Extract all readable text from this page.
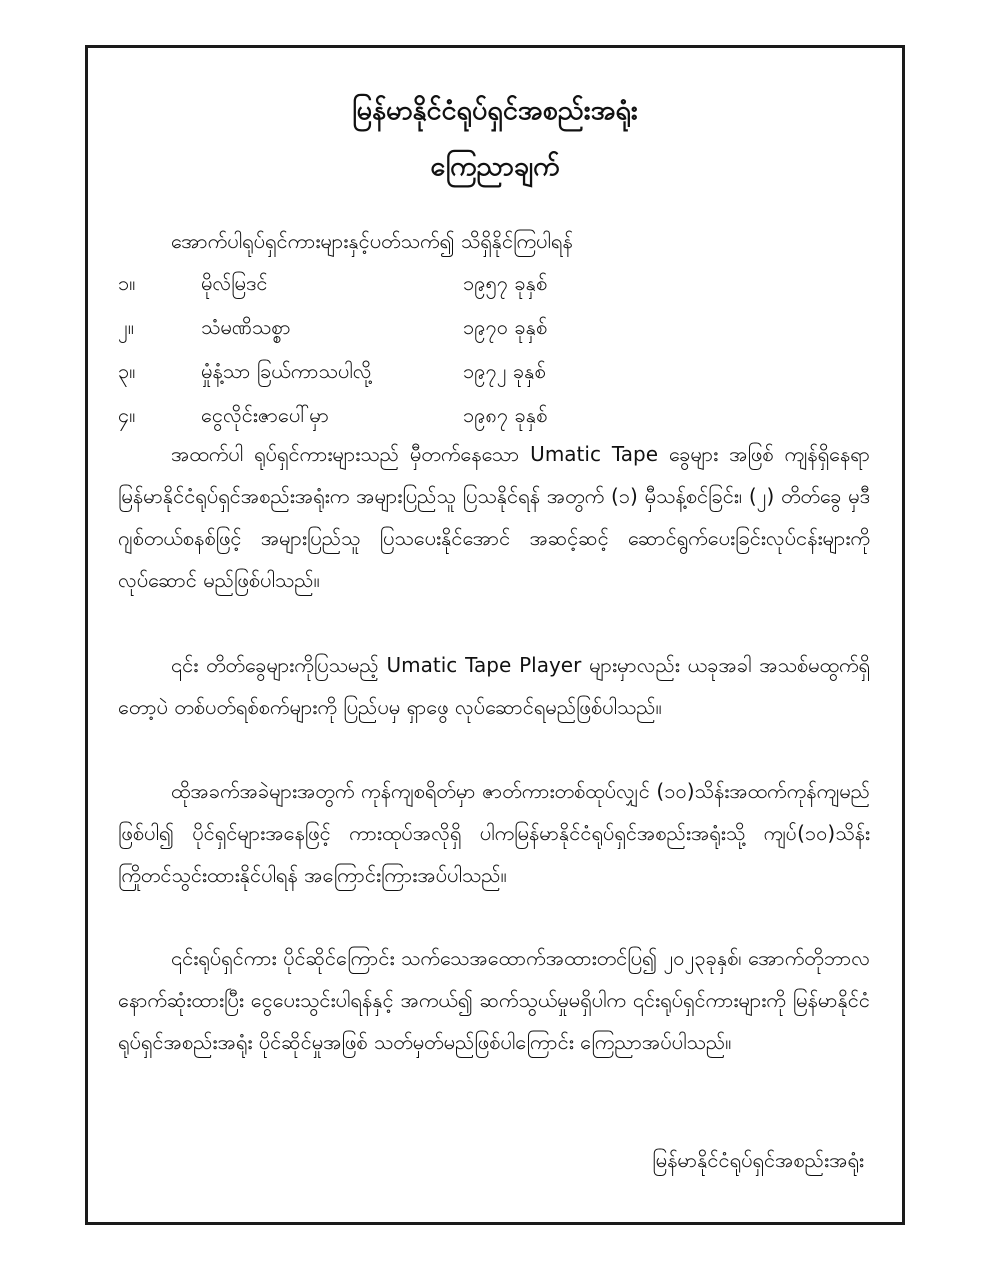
မြန်မာနိုင်ငံရုပ်ရှင်အစည်းအရုံး
ကြေညာချက်
အောက်ပါရုပ်ရှင်ကားများနှင့်ပတ်သက်၍ သိရှိနိုင်ကြပါရန်
၁။	မိုလ်မြဒင်	၁၉၅၇ ခုနှစ်
၂။	သံမဏိသစ္စာ	၁၉၇၀ ခုနှစ်
၃။	မှုံနံ့သာ ခြယ်ကာသပါလို့	၁၉၇၂ ခုနှစ်
၄။	ငွေလိုင်းဇာပေါ်မှာ	၁၉၈၇ ခုနှစ်

အထက်ပါ ရုပ်ရှင်ကားများသည် မှီတက်နေသော Umatic Tape ခွေများ အဖြစ် ကျန်ရှိနေရာ မြန်မာနိုင်ငံရုပ်ရှင်အစည်းအရုံးက အများပြည်သူ ပြသနိုင်ရန် အတွက် (၁) မှီသန့်စင်ခြင်း၊ (၂) တိတ်ခွေ မှဒီဂျစ်တယ်စနစ်ဖြင့် အများပြည်သူ ပြသပေးနိုင်အောင် အဆင့်ဆင့် ဆောင်ရွက်ပေးခြင်းလုပ်ငန်းများကို လုပ်ဆောင် မည်ဖြစ်ပါသည်။

၎င်း တိတ်ခွေများကိုပြသမည့် Umatic Tape Player များမှာလည်း ယခုအခါ အသစ်မထွက်ရှိတော့ပဲ တစ်ပတ်ရစ်စက်များကို ပြည်ပမှ ရှာဖွေ လုပ်ဆောင်ရမည်ဖြစ်ပါသည်။

ထိုအခက်အခဲများအတွက် ကုန်ကျစရိတ်မှာ ဇာတ်ကားတစ်ထုပ်လျှင် (၁၀)သိန်းအထက်ကုန်ကျမည်ဖြစ်ပါ၍ ပိုင်ရှင်များအနေဖြင့် ကားထုပ်အလိုရှိ ပါကမြန်မာနိုင်ငံရုပ်ရှင်အစည်းအရုံးသို့ ကျပ်(၁၀)သိန်းကြိုတင်သွင်းထားနိုင်ပါရန် အကြောင်းကြားအပ်ပါသည်။

၎င်းရုပ်ရှင်ကား ပိုင်ဆိုင်ကြောင်း သက်သေအထောက်အထားတင်ပြ၍ ၂၀၂၃ခုနှစ်၊ အောက်တိုဘာလ နောက်ဆုံးထားပြီး ငွေပေးသွင်းပါရန်နှင့် အကယ်၍ ဆက်သွယ်မှုမရှိပါက ၎င်းရုပ်ရှင်ကားများကို မြန်မာနိုင်ငံရုပ်ရှင်အစည်းအရုံး ပိုင်ဆိုင်မှုအဖြစ် သတ်မှတ်မည်ဖြစ်ပါကြောင်း ကြေညာအပ်ပါသည်။

မြန်မာနိုင်ငံရုပ်ရှင်အစည်းအရုံး
